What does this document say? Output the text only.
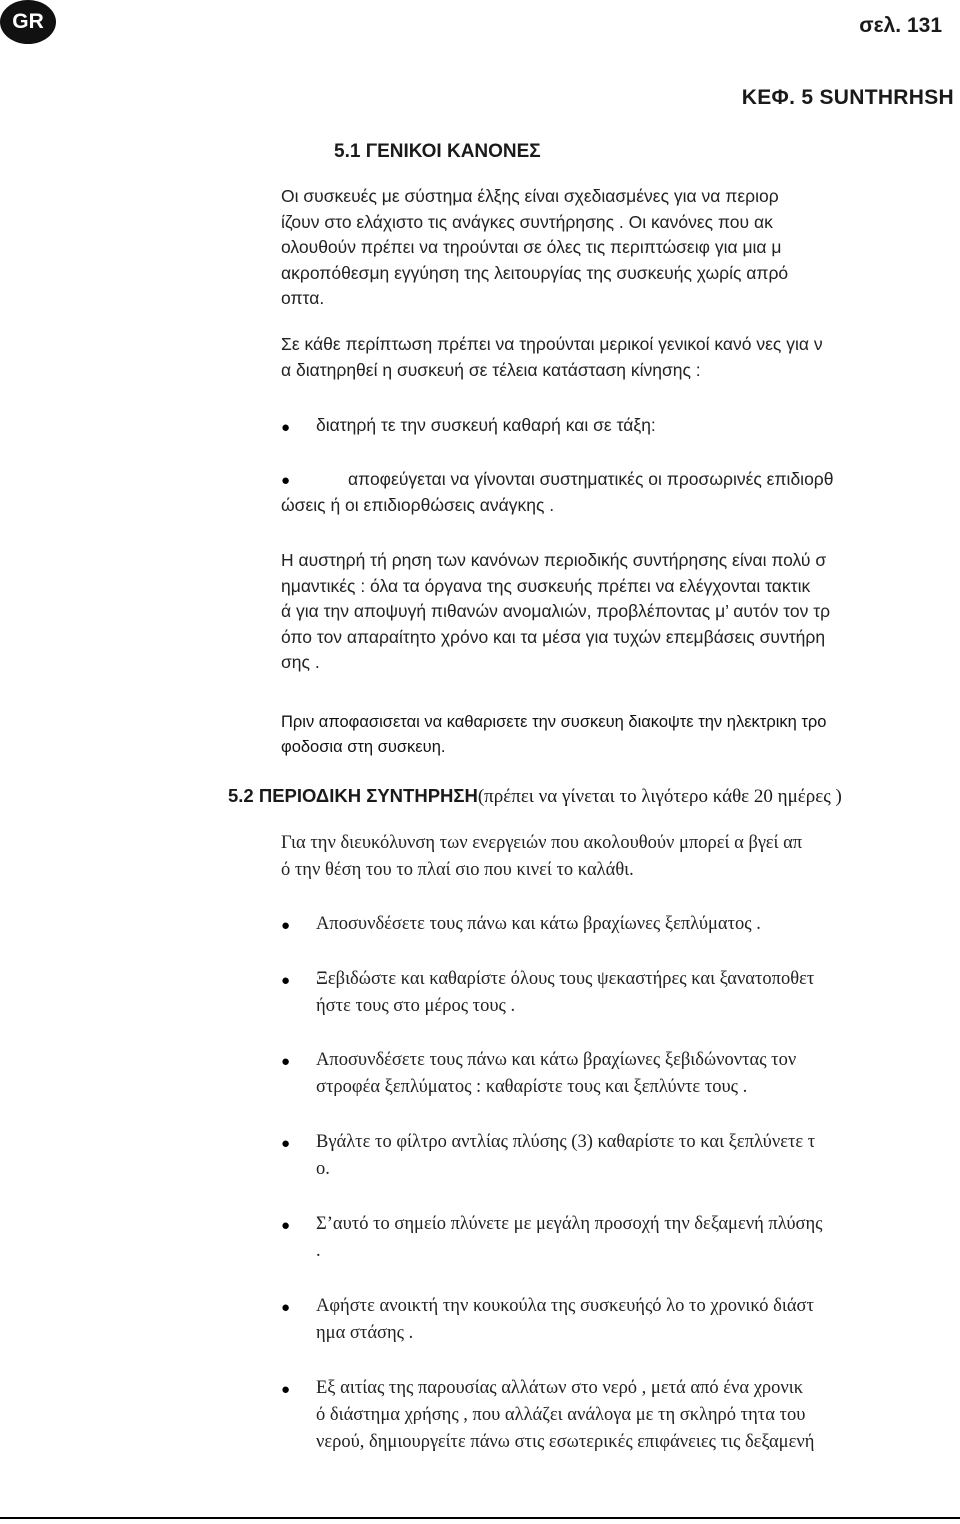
GR	σελ. 131
ΚΕΦ. 5 SUNTHRHSH
5.1 ΓΕΝΙΚΟΙ ΚΑΝΟΝΕΣ

Οι συσκευές με σύστημα έλξης είναι σχεδιασμένες για να περιορ
ίζουν στο ελάχιστο τις ανάγκες συντήρησης . Οι κανόνες που ακ
ολουθούν πρέπει να τηρούνται σε όλες τις περιπτώσειφ για μια μ
ακροπόθεσμη εγγύηση της λειτουργίας της συσκευής χωρίς απρό
οπτα.

Σε κάθε περίπτωση πρέπει να τηρούνται μερικοί γενικοί κανό νες για ν
α διατηρηθεί η συσκευή σε τέλεια κατάσταση κίνησης :

● διατηρή τε την συσκευή καθαρή και σε τάξη:

●	αποφεύγεται να γίνονται συστηματικές οι προσωρινές επιδιορθ
ώσεις ή οι επιδιορθώσεις ανάγκης .

Η αυστηρή τή ρηση των κανόνων περιοδικής συντήρησης είναι πολύ σ
ημαντικές : όλα τα όργανα της συσκευής πρέπει να ελέγχονται τακτικ
ά για την αποψυγή πιθανών ανομαλιών, προβλέποντας μ’ αυτόν τον τρ
όπο τον απαραίτητο χρόνο και τα μέσα για τυχών επεμβάσεις συντήρη
σης .

Πριν αποφασισεται να καθαρισετε την συσκευη διακοψτε την ηλεκτρικη τρο
φοδοσια στη συσκευη.

5.2 ΠΕΡΙΟΔΙΚΗ ΣΥΝΤΗΡΗΣΗ(πρέπει να γίνεται το λιγότερο κάθε 20 ημέρες )

Για την διευκόλυνση των ενεργειών που ακολουθούν μπορεί α βγεί απ
ό την θέση του το πλαί σιο που κινεί το καλάθι.

● Αποσυνδέσετε τους πάνω και κάτω βραχίωνες ξεπλύματος .

● Ξεβιδώστε και καθαρίστε όλους τους ψεκαστήρες και ξανατοποθετ
ήστε τους στο μέρος τους .

● Αποσυνδέσετε τους πάνω και κάτω βραχίωνες ξεβιδώνοντας τον
στροφέα ξεπλύματος : καθαρίστε τους και ξεπλύντε τους .

● Βγάλτε το φίλτρο αντλίας πλύσης (3) καθαρίστε το και ξεπλύνετε τ
ο.

● Σ’αυτό το σημείο πλύνετε με μεγάλη προσοχή την δεξαμενή πλύσης
.

● Αφήστε ανοικτή την κουκούλα της συσκευήςό λο το χρονικό διάστ
ημα στάσης .

● Εξ αιτίας της παρουσίας αλλάτων στο νερό , μετά από ένα χρονικ
ό διάστημα χρήσης , που αλλάζει ανάλογα με τη σκληρό τητα του
νερού, δημιουργείτε πάνω στις εσωτερικές επιφάνειες τις δεξαμενή
